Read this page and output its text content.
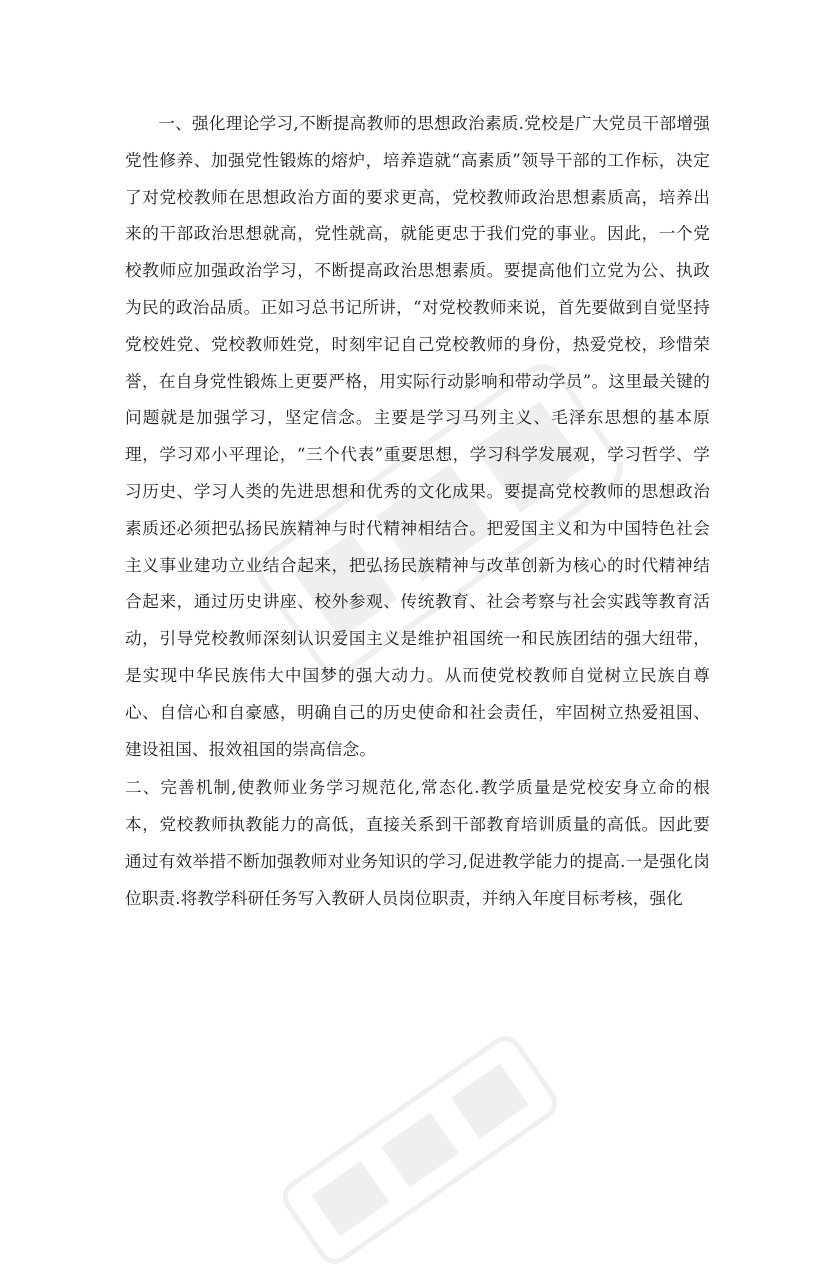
一、强化理论学习,不断提高教师的思想政治素质.党校是广大党员干部增强党性修养、加强党性锻炼的熔炉，培养造就“高素质”领导干部的工作标，决定了对党校教师在思想政治方面的要求更高，党校教师政治思想素质高，培养出来的干部政治思想就高，党性就高，就能更忠于我们党的事业。因此，一个党校教师应加强政治学习，不断提高政治思想素质。要提高他们立党为公、执政为民的政治品质。正如习总书记所讲，“对党校教师来说，首先要做到自觉坚持党校姓党、党校教师姓党，时刻牢记自己党校教师的身份，热爱党校，珍惜荣誉，在自身党性锻炼上更要严格，用实际行动影响和带动学员”。这里最关键的问题就是加强学习，坚定信念。主要是学习马列主义、毛泽东思想的基本原理，学习邓小平理论，“三个代表”重要思想，学习科学发展观，学习哲学、学习历史、学习人类的先进思想和优秀的文化成果。要提高党校教师的思想政治素质还必须把弘扬民族精神与时代精神相结合。把爱国主义和为中国特色社会主义事业建功立业结合起来，把弘扬民族精神与改革创新为核心的时代精神结合起来，通过历史讲座、校外参观、传统教育、社会考察与社会实践等教育活动，引导党校教师深刻认识爱国主义是维护祖国统一和民族团结的强大纽带，是实现中华民族伟大中国梦的强大动力。从而使党校教师自觉树立民族自尊心、自信心和自豪感，明确自己的历史使命和社会责任，牢固树立热爱祖国、建设祖国、报效祖国的崇高信念。

二、完善机制,使教师业务学习规范化,常态化.教学质量是党校安身立命的根本，党校教师执教能力的高低，直接关系到干部教育培训质量的高低。因此要通过有效举措不断加强教师对业务知识的学习,促进教学能力的提高.一是强化岗位职责.将教学科研任务写入教研人员岗位职责，并纳入年度目标考核，强化
